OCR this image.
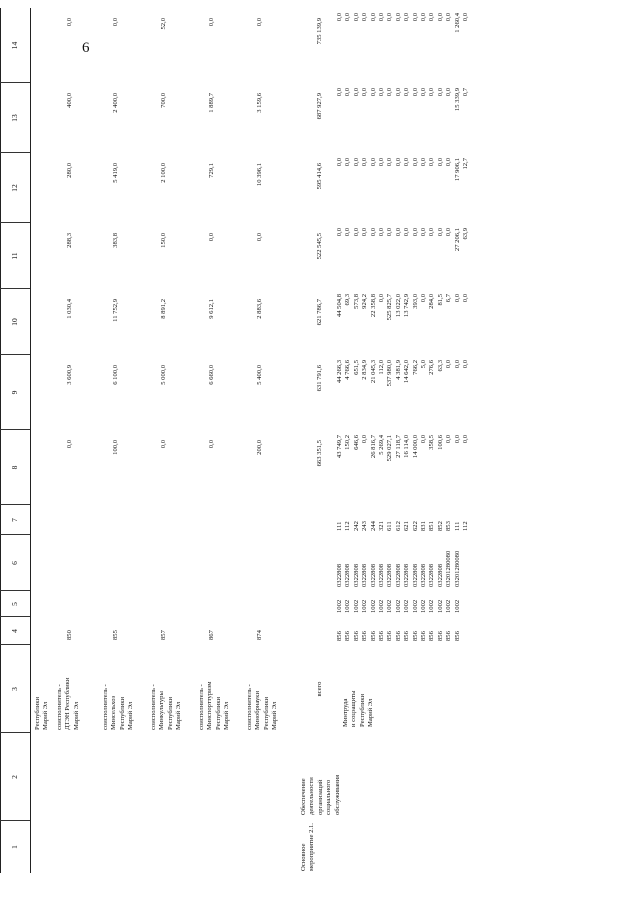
6
1
2
3
4
5
6
7
8
9
10
11
12
13
14
Республики Марий Эл соисполнитель - ДТЭН Республики Марий Эл
850
0,0
3 600,9
1 030,4
288,3
280,0
400,0
0,0
соисполнитель - Минсельхоз Республики Марий Эл
855
100,0
6 100,0
11 752,9
383,8
5 419,0
2 400,0
0,0
соисполнитель - Минкультуры Республики Марий Эл
857
0,0
5 000,0
8 891,2
150,0
2 100,0
700,0
52,0
соисполнитель - Минспорттуризм Республики Марий Эл
867
0,0
6 660,0
9 612,1
0,0
729,1
1 889,7
0,0
соисполнитель - Минобрнауки Республики Марий Эл
874
200,0
5 400,0
2 883,6
0,0
10 396,1
3 159,6
0,0
Основное мероприятие 2.1.
Обеспечение деятельности организаций социального обслуживания
всего
663 351,5
631 791,6
621 786,7
522 545,5
595 414,6
687 927,9
735 139,9
Минтруда и соцзащиты Республики Марий Эл
856 856 856 856 856 856 856 856 856 856 856 856 856 856 856
1002 1002 1002 1002 1002 1002 1002 1002 1002 1002 1002 1002 1002 1002 1002
0322808 0322808 0322808 0322808 0322808 0322808 0322808 0322808 0322808 0322808 0322808 0322808 0322808 03201280080 03201280080
111 112 242 243 244 321 611 612 621 622 831 851 852 853 111 112
43 749,7 150,2 646,6 0,0 26 816,7 5 269,4 529 027,1 27 118,7 16 114,0 14 000,0 0,0 358,5 100,6 0,0 0,0 0,0
44 266,3 4 766,6 651,5 2 834,9 21 045,3 112,0 537 980,0 4 381,9 14 642,0 766,2 5,0 276,6 63,3 0,0 0,0 0,0
44 504,8 69,3 573,8 924,2 22 358,8 0,0 525 825,7 13 022,0 13 742,9 393,0 0,0 284,0 81,5 6,7 0,0 0,0
0,0 0,0 0,0 0,0 0,0 0,0 0,0 0,0 0,0 0,0 0,0 0,0 0,0 0,0 27 206,1 63,9
0,0 0,0 0,0 0,0 0,0 0,0 0,0 0,0 0,0 0,0 0,0 0,0 0,0 0,0 17 906,1 12,7
0,0 0,0 0,0 0,0 0,0 0,0 0,0 0,0 0,0 0,0 0,0 0,0 0,0 0,0 15 339,9 0,7
0,0 0,0 0,0 0,0 0,0 0,0 0,0 0,0 0,0 0,0 0,0 0,0 0,0 0,0 1 260,4 0,0
